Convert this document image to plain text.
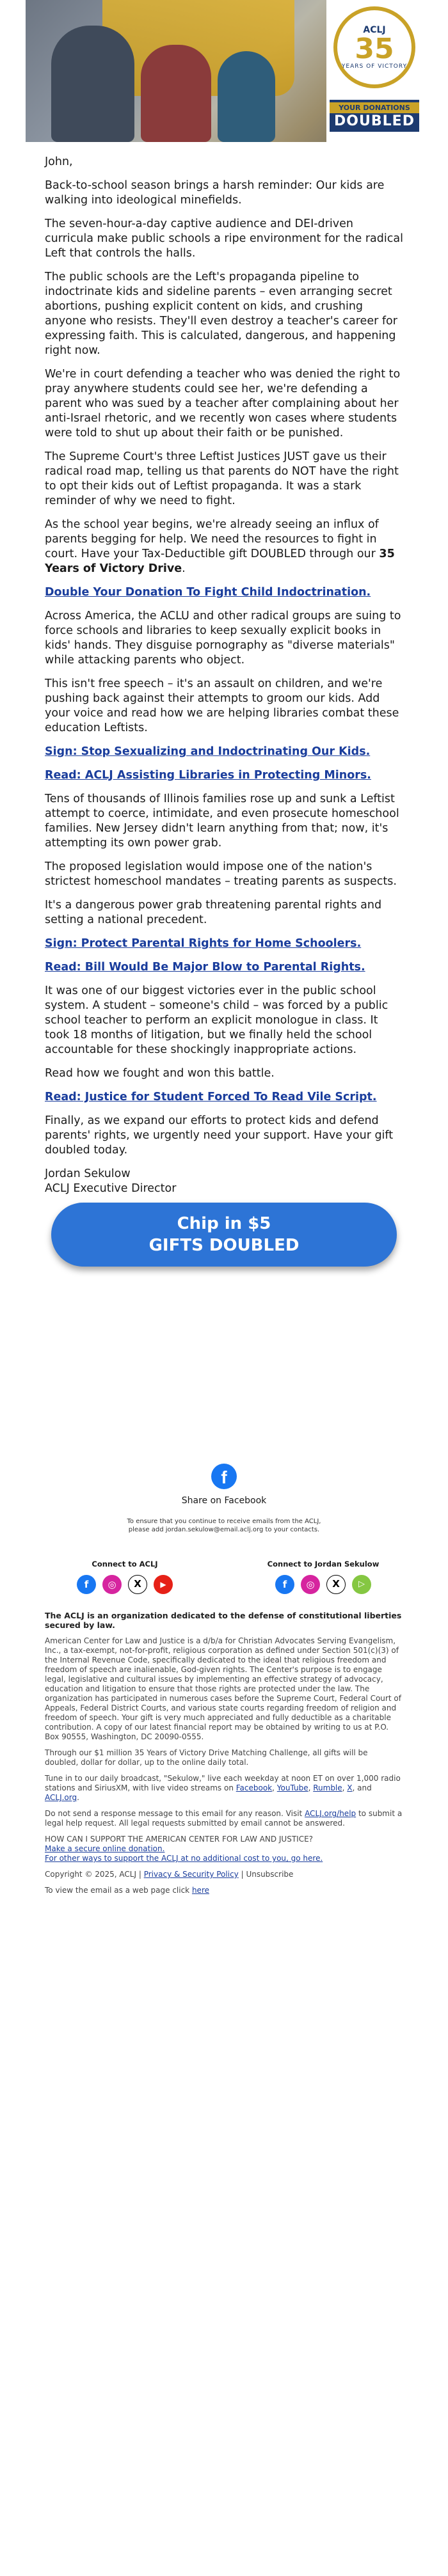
ACLJ
35
YEARS OF VICTORY
YOUR DONATIONS
DOUBLED

John,

Back-to-school season brings a harsh reminder: Our kids are walking into ideological minefields.

The seven-hour-a-day captive audience and DEI-driven curricula make public schools a ripe environment for the radical Left that controls the halls.

The public schools are the Left's propaganda pipeline to indoctrinate kids and sideline parents – even arranging secret abortions, pushing explicit content on kids, and crushing anyone who resists. They'll even destroy a teacher's career for expressing faith. This is calculated, dangerous, and happening right now.

We're in court defending a teacher who was denied the right to pray anywhere students could see her, we're defending a parent who was sued by a teacher after complaining about her anti-Israel rhetoric, and we recently won cases where students were told to shut up about their faith or be punished.

The Supreme Court's three Leftist Justices JUST gave us their radical road map, telling us that parents do NOT have the right to opt their kids out of Leftist propaganda. It was a stark reminder of why we need to fight.

As the school year begins, we're already seeing an influx of parents begging for help. We need the resources to fight in court. Have your Tax-Deductible gift DOUBLED through our 35 Years of Victory Drive.

Double Your Donation To Fight Child Indoctrination.

Across America, the ACLU and other radical groups are suing to force schools and libraries to keep sexually explicit books in kids' hands. They disguise pornography as "diverse materials" while attacking parents who object.

This isn't free speech – it's an assault on children, and we're pushing back against their attempts to groom our kids. Add your voice and read how we are helping libraries combat these education Leftists.

Sign: Stop Sexualizing and Indoctrinating Our Kids.

Read: ACLJ Assisting Libraries in Protecting Minors.

Tens of thousands of Illinois families rose up and sunk a Leftist attempt to coerce, intimidate, and even prosecute homeschool families. New Jersey didn't learn anything from that; now, it's attempting its own power grab.

The proposed legislation would impose one of the nation's strictest homeschool mandates – treating parents as suspects.

It's a dangerous power grab threatening parental rights and setting a national precedent.

Sign: Protect Parental Rights for Home Schoolers.

Read: Bill Would Be Major Blow to Parental Rights.

It was one of our biggest victories ever in the public school system. A student – someone's child – was forced by a public school teacher to perform an explicit monologue in class. It took 18 months of litigation, but we finally held the school accountable for these shockingly inappropriate actions.

Read how we fought and won this battle.

Read: Justice for Student Forced To Read Vile Script.

Finally, as we expand our efforts to protect kids and defend parents' rights, we urgently need your support. Have your gift doubled today.

Jordan Sekulow
ACLJ Executive Director
Chip in $5
GIFTS DOUBLED
f
Share on Facebook
To ensure that you continue to receive emails from the ACLJ,
please add jordan.sekulow@email.aclj.org to your contacts.
Connect to ACLJ
f	◎	X	▶
Connect to Jordan Sekulow
f	◎	X	▷

The ACLJ is an organization dedicated to the defense of constitutional liberties secured by law.

American Center for Law and Justice is a d/b/a for Christian Advocates Serving Evangelism, Inc., a tax-exempt, not-for-profit, religious corporation as defined under Section 501(c)(3) of the Internal Revenue Code, specifically dedicated to the ideal that religious freedom and freedom of speech are inalienable, God-given rights. The Center's purpose is to engage legal, legislative and cultural issues by implementing an effective strategy of advocacy, education and litigation to ensure that those rights are protected under the law. The organization has participated in numerous cases before the Supreme Court, Federal Court of Appeals, Federal District Courts, and various state courts regarding freedom of religion and freedom of speech. Your gift is very much appreciated and fully deductible as a charitable contribution. A copy of our latest financial report may be obtained by writing to us at P.O. Box 90555, Washington, DC 20090-0555.

Through our $1 million 35 Years of Victory Drive Matching Challenge, all gifts will be doubled, dollar for dollar, up to the online daily total.

Tune in to our daily broadcast, "Sekulow," live each weekday at noon ET on over 1,000 radio stations and SiriusXM, with live video streams on Facebook, YouTube, Rumble, X, and ACLJ.org.

Do not send a response message to this email for any reason. Visit ACLJ.org/help to submit a legal help request. All legal requests submitted by email cannot be answered.

HOW CAN I SUPPORT THE AMERICAN CENTER FOR LAW AND JUSTICE?
Make a secure online donation.
For other ways to support the ACLJ at no additional cost to you, go here.

Copyright © 2025, ACLJ | Privacy & Security Policy | Unsubscribe

To view the email as a web page click here
